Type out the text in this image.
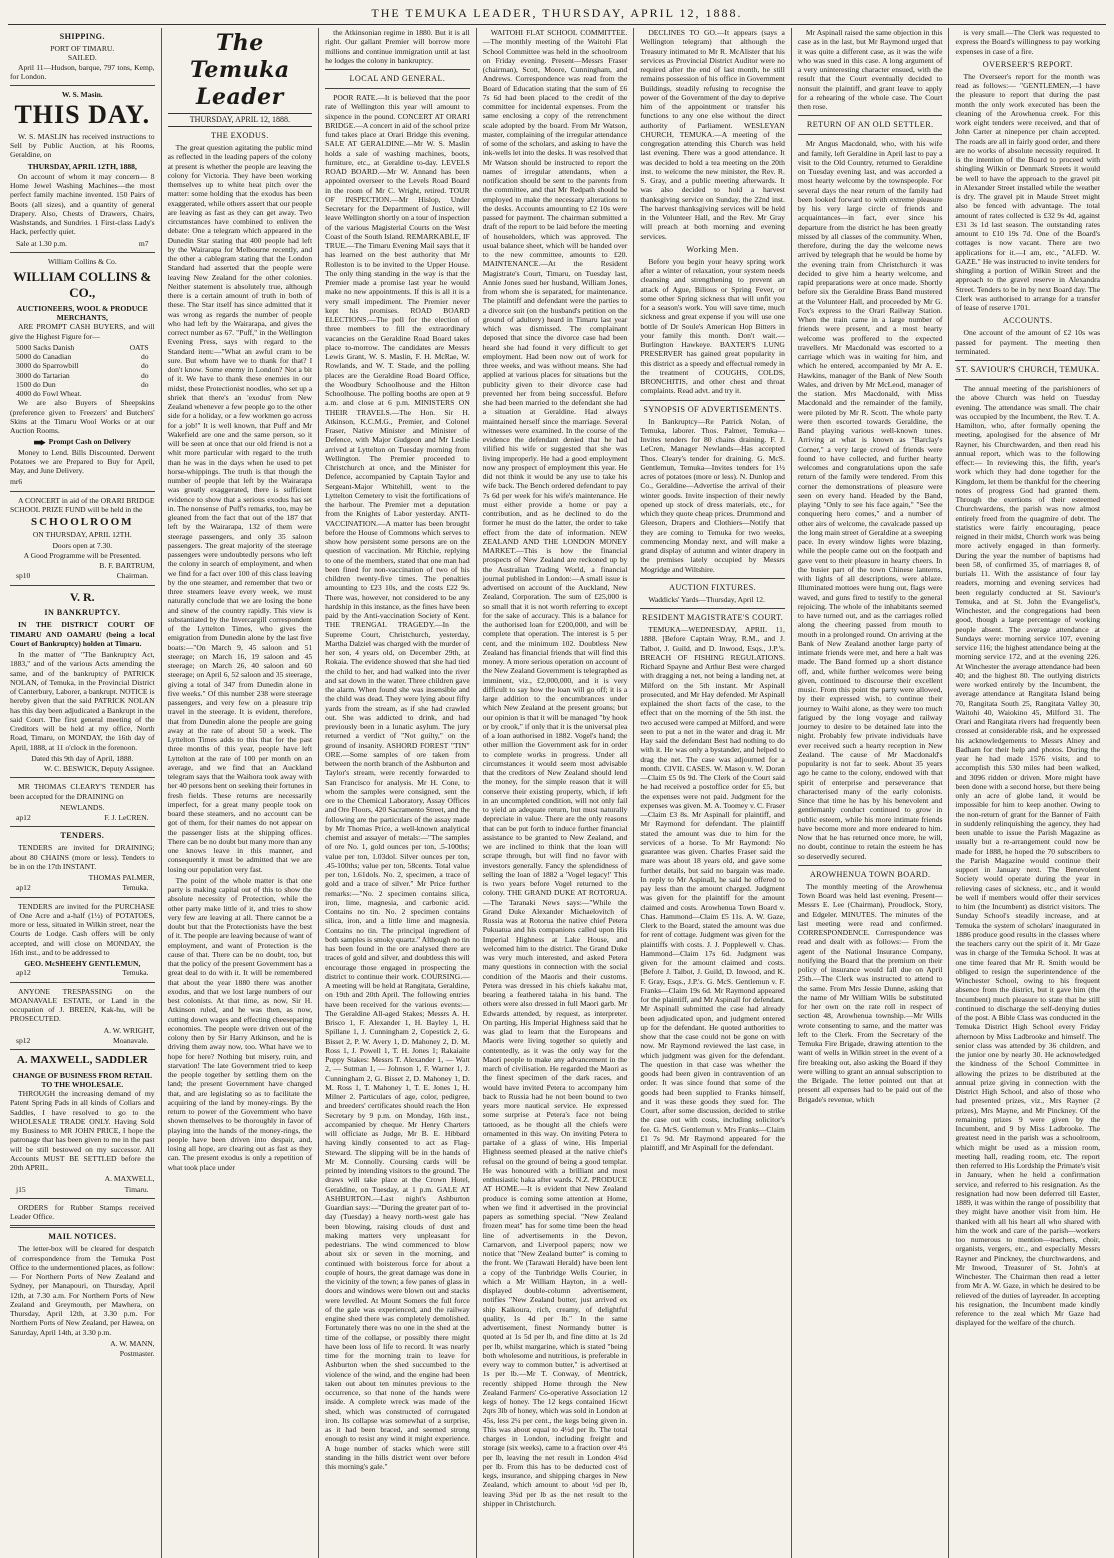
THE TEMUKA LEADER, THURSDAY, APRIL 12, 1888.
SHIPPING.
PORT OF TIMARU.
SAILED.

April 11—Hudson, barque, 797 tons, Kemp, for London.

W. S. Masin.
THIS DAY.

W. S. MASLIN has received instructions to Sell by Public Auction, at his Rooms, Geraldine, on

THURSDAY, APRIL 12TH, 1888,

On account of whom it may concern— 8 Home Jewel Washing Machines—the most perfect family machine invented. 150 Pairs of Boots (all sizes), and a quantity of general Drapery. Also, Chests of Drawers, Chairs, Washstands, and Sundries. 1 First-class Lady's Hack, perfectly quiet.

Sale at 1.30 p.m.	m7
William Collins & Co.
WILLIAM COLLINS & CO.,
AUCTIONEERS, WOOL & PRODUCE MERCHANTS,

ARE PROMPT CASH BUYERS, and will give the Highest Figure for—

5000 Sacks Danish	OATS
5000 do Canadian	do
3000 do Sparrowbill	do
3000 do Tartarian	do
1500 do Dun	do
4000 do Fowl Wheat.

We are also Buyers of Sheepskins (preference given to Freezers' and Butchers' Skins at the Timaru Wool Works or at our Auction Rooms.

Prompt Cash on Delivery

Money to Lend. Bills Discounted. Derwent Potatoes we are Prepared to Buy for April, May, and June Delivery.

mr6

A CONCERT in aid of the ORARI BRIDGE SCHOOL PRIZE FUND will be held in the

SCHOOLROOM
ON THURSDAY, APRIL 12TH.
Doors open at 7.30.
A Good Programme will be Presented.
B. F. BARTRUM,
sp10	Chairman.
V. R.
IN BANKRUPTCY.

IN THE DISTRICT COURT OF TIMARU AND OAMARU (being a local Court of Bankruptcy) holden at Timaru.

In the matter of "The Bankruptcy Act, 1883," and of the various Acts amending the same, and of the bankruptcy of PATRICK NOLAN, of Temuka, in the Provincial District of Canterbury, Laborer, a bankrupt. NOTICE is hereby given that the said PATRICK NOLAN has this day been adjudicated a Bankrupt in the said Court. The first general meeting of the Creditors will be held at my office, North Road, Timaru, on MONDAY, the 16th day of April, 1888, at 11 o'clock in the forenoon.

Dated this 9th day of April, 1888.
W. C. BESWICK, Deputy Assignee.

MR THOMAS CLEARY'S TENDER has been accepted for the DRAINING on

NEWLANDS.
ap12	F. J. LeCREN.
TENDERS.

TENDERS are invited for DRAINING; about 80 CHAINS (more or less). Tenders to be in on the 17th INSTANT.

THOMAS PALMER,
ap12	Temuka.

TENDERS are invited for the PURCHASE of One Acre and a-half (1½) of POTATOES, more or less, situated in Wilkin street, near the Courts de Lodge. Cash offers will be only accepted, and will close on MONDAY, the 16th inst., and to be addressed to

GEO. McSHEEHY GENTLEMUN,
ap12	Temuka.

ANYONE TRESPASSING on the MOANAVALE ESTATE, or Land in the occupation of J. BREEN, Kak-hu, will be PROSECUTED.

A. W. WRIGHT,
sp12	Moanavale.
A. MAXWELL, SADDLER
CHANGE OF BUSINESS FROM RETAIL TO THE WHOLESALE.

THROUGH the increasing demand of my Patent Spring Pads in all kinds of Collars and Saddles, I have resolved to go to the WHOLESALE TRADE ONLY. Having Sold my Business to MR JOHN PRICE, I hope the patronage that has been given to me in the past will be still bestowed on my successor. All Accounts MUST BE SETTLED before the 20th APRIL.

A. MAXWELL,
j15	Timaru.

ORDERS for Rubber Stamps received Leader Office.

MAIL NOTICES.

The letter-box will be cleared for despatch of correspondence from the Temuka Post Office to the undermentioned places, as follow:— For Northern Ports of New Zealand and Sydney, per Manapouri, on Thursday, April 12th, at 7.30 a.m. For Northern Ports of New Zealand and Greymouth, per Mawhera, on Thursday, April 12th, at 3.30 p.m. For Northern Ports of New Zealand, per Hawea, on Saturday, April 14th, at 3.30 p.m.

A. W. MANN,
Postmaster.
The Temuka Leader
THURSDAY, APRIL 12, 1888.
THE EXODUS.

The great question agitating the public mind as reflected in the leading papers of the colony at present is whether the people are leaving the colony for Victoria. They have been working themselves up to white heat pitch over the matter: some holding that the exodus has been exaggerated, while others assert that our people are leaving as fast as they can get away. Two circumstances have combined to enliven the debate: One a telegram which appeared in the Dunedin Star stating that 400 people had left by the Wairarapa for Melbourne recently, and the other a cablegram stating that the London Standard had asserted that the people were leaving New Zealand for the other colonies. Neither statement is absolutely true, although there is a certain amount of truth in both of these. The Star itself has since admitted that it was wrong as regards the number of people who had left by the Wairarapa, and gives the correct number as 67. "Puff," in the Wellington Evening Press, says with regard to the Standard item:—"What an awful cram to be sure. But whom have we to thank for that? I don't know. Some enemy in London? Not a bit of it. We have to thank these enemies in our midst, these Protectionist noodles, who set up a shriek that there's an 'exodus' from New Zealand whenever a few people go to the other side for a holiday, or a few workmen go across for a job!" It is well known, that Puff and Mr Wakefield are one and the same person, so it will be seen at once that our old friend is not a whit more particular with regard to the truth than he was in the days when he used to pet horse-whippings. The truth is that though the number of people that left by the Wairarapa was greatly exaggerated, there is sufficient evidence to show that a serious exodus has set in. The nonsense of Puff's remarks, too, may be gleaned from the fact that out of the 187 that left by the Wairarapa, 132 of them were steerage passengers, and only 35 saloon passengers. The great majority of the steerage passengers were undoubtedly persons who left the colony in search of employment, and when we find for a fact over 100 of this class leaving by the one steamer, and remember that two or three steamers leave every week, we must naturally conclude that we are losing the bone and sinew of the country rapidly. This view is substantiated by the Invercargill correspondent of the Lyttelton Times, who gives the emigration from Dunedin alone by the last five boats:—"On March 9, 45 saloon and 51 steerage; on March 16, 19 saloon and 45 steerage; on March 26, 40 saloon and 60 steerage; on April 6, 52 saloon and 35 steerage, giving a total of 347 from Dunedin alone in five weeks." Of this number 238 were steerage passengers, and very few on a pleasure trip travel in the steerage. It is evident, therefore, that from Dunedin alone the people are going away at the rate of about 50 a week. The Lyttelton Times adds to this that for the past three months of this year, people have left Lyttelton at the rate of 100 per month on an average, and we find that an Auckland telegram says that the Waihora took away with her 40 persons bent on seeking their fortunes in fresh fields. These returns are necessarily imperfect, for a great many people took on board these steamers, and no account can be got of them, for their names do not appear on the passenger lists at the shipping offices. There can be no doubt but many more than any one knows leave in this manner, and consequently it must be admitted that we are losing our population very fast.

The point of the whole matter is that one party is making capital out of this to show the absolute necessity of Protection, while the other party make little of it, and tries to show very few are leaving at all. There cannot be a doubt but that the Protectionists have the best of it. The people are leaving because of want of employment, and want of Protection is the cause of that. There can be no doubt, too, but that the policy of the present Government has a great deal to do with it. It will be remembered that about the year 1880 there was another exodus, and that we lost large numbers of our best colonists. At that time, as now, Sir H. Atkinson ruled, and he was then, as now, cutting down wages and effecting cheeseparing economies. The people were driven out of the colony then by Sir Harry Atkinson, and he is driving them away now, too. What have we to hope for here? Nothing but misery, ruin, and starvation! The late Government tried to keep the people together by settling them on the land; the present Government have changed that, and are legislating so as to facilitate the acquiring of the land by money-rings. By the return to power of the Government who have shown themselves to be thoroughly in favor of playing into the hands of the money-rings, the people have been driven into despair, and, losing all hope, are clearing out as fast as they can. The present exodus is only a repetition of what took place under

the Atkinsonian regime in 1880. But it is all right. Our gallant Premier will borrow more millions and continue immigration until at last he lodges the colony in bankruptcy.

LOCAL AND GENERAL.

POOR RATE.—It is believed that the poor rate of Wellington this year will amount to sixpence in the pound. CONCERT AT ORARI BRIDGE.—A concert in aid of the school prize fund takes place at Orari Bridge this evening. SALE AT GERALDINE.—Mr W. S. Maslin holds a sale of washing machines, boots, furniture, etc., at Geraldine to-day. LEVELS ROAD BOARD.—Mr W. Annand has been appointed overseer to the Levels Road Board in the room of Mr C. Wright, retired. TOUR OF INSPECTION.—Mr Hislop, Under Secretary for the Department of Justice, will leave Wellington shortly on a tour of inspection of the various Magisterial Courts on the West Coast of the South Island. REMARKABLE, IF TRUE.—The Timaru Evening Mail says that it has learned on the best authority that Mr Rolleston is to be invited to the Upper House. The only thing standing in the way is that the Premier made a promise last year he would make no new appointments. If this is all it is a very small impediment. The Premier never kept his promises. ROAD BOARD ELECTIONS.—The poll for the election of three members to fill the extraordinary vacancies on the Geraldine Road Board takes place to-morrow. The candidates are Messrs Lewis Grant, W. S. Maslin, F. H. McRae, W. Rowlands, and W. T. Stade, and the polling places are the Geraldine Road Board Office, the Woodbury Schoolhouse and the Hilton Schoolhouse. The polling booths are open at 9 a.m. and close at 6 p.m. MINISTERS ON THEIR TRAVELS.—The Hon. Sir H. Atkinson, K.C.M.G., Premier, and Colonel Fraser, Native Minister and Minister of Defence, with Major Gudgeon and Mr Leslie arrived at Lyttelton on Tuesday morning from Wellington. The Premier proceeded to Christchurch at once, and the Minister for Defence, accompanied by Captain Taylor and Sergeant-Major Whitehill, went to the Lyttelton Cemetery to visit the fortifications of the harbour. The Premier met a deputation from the Knights of Labor yesterday. ANTI-VACCINATION.—A matter has been brought before the House of Commons which serves to show how persistent some persons are on the question of vaccination. Mr Ritchie, replying to one of the members, stated that one man had been fined for non-vaccination of two of his children twenty-five times. The penalties amounting to £23 10s, and the costs £22 9s. There was, however, not considered to be any hardship in this instance, as the fines have been paid by the Anti-vaccination Society of Kent. THE TRENGAL TRAGEDY.—In the Supreme Court, Christchurch, yesterday, Martha Dalziel was charged with the murder of her son, 4 years old, on December 29th, at Rokaia. The evidence showed that she had tied the child to her, and had walked into the river and sat down in the water. Three children gave the alarm. When found she was insensible and the child was dead. They were lying about fifty yards from the stream, as if she had crawled out. She was addicted to drink, and had previously been in a lunatic asylum. The jury returned a verdict of "Not guilty," on the ground of insanity. ASHORD FOREST "TIN" ORE.—Some samples of ore taken from between the north branch of the Ashburton and Taylor's stream, were recently forwarded to San Francisco for analysis. Mr H. Cone, to whom the samples were consigned, sent the ore to the Chemical Laboratory, Assay Offices and Ore Floors, 420 Sacramento Street, and the following are the particulars of the assay made by Mr Thomas Price, a well-known analytical chemist and assayer of metals:—"The samples of ore No. 1, gold ounces per ton, .5-100ths; value per ton, 1.03dol. Silver ounces per ton, .45-100ths; value per ton, 58cents. Total value per ton, 1.61dols. No. 2, specimen, a trace of gold and a trace of silver." Mr Price further remarks:—"No. 2 specimen contains silica, iron, lime, magnesia, and carbonic acid. Contains no tin. No. 2 specimen contains silica, iron, and a little lime and magnesia. Contains no tin. The principal ingredient of both samples is smoky quartz." Although no tin has been found in the ore analysed there are traces of gold and silver, and doubtless this will encourage those engaged in prospecting the district to continue their work. COURSING.—A meeting will be held at Rangitata, Geraldine, on 19th and 20th April. The following entries have been received for the various events:—The Geraldine All-aged Stakes; Messrs A. H. Brisco 1, F. Alexander 1, H. Bayley 1, H. Spillane 1, J. Cunningham 2, Copestick 2, G. Bisset 2, P. W. Avery 1, D. Mahoney 2, D. M. Ross 1, J. Powell 1, T. H. Jones 1; Rakaiaite Puppy Stakes: Messrs T. Alexander 1, — Watt 2, — Sutman 1, — Johnson 1, F. Warner 1, J. Cunningham 2, G. Bisset 2, D. Mahoney 1, D. M. Ross 1, T. Mahoney 1, T. E. Jones 1, H. Milner 2. Particulars of age, color, pedigree, and breeders' certificates should reach the Hon Secretary by 9 p.m. on Monday, 16th inst., accompanied by cheque. Mr Henry Charters will officiate as Judge, Mr B. E. Hibbard having kindly consented to act as Flag-Steward. The slipping will be in the hands of Mr M. Connolly. Coursing cards will be printed by intending visitors to the ground. The draws will take place at the Crown Hotel, Geraldine, on Tuesday, at 1 p.m. GALE AT ASHBURTON.—Last night's Ashburton Guardian says:—"During the greater part of to-day (Tuesday) a heavy north-west gale has been blowing, raising clouds of dust and making matters very unpleasant for pedestrians. The wind commenced to blow about six or seven in the morning, and continued with boisterous force for about a couple of hours, the great damage was done in the vicinity of the town; a few panes of glass in doors and windows were blown out and stacks were levelled. At Mount Somers the full force of the gale was experienced, and the railway engine shed there was completely demolished. Fortunately there was no one in the shed at the time of the collapse, or possibly there might have been loss of life to record. It was nearly time for the morning train to leave for Ashburton when the shed succumbed to the violence of the wind, and the engine had been taken out about ten minutes previous to the occurrence, so that none of the hands were inside. A complete wreck was made of the shed, which was constructed of corrugated iron. Its collapse was somewhat of a surprise, as it had been braced, and seemed strong enough to resist any wind it might experience. A huge number of stacks which were still standing in the hills district went over before this morning's gale."

WAITOHI FLAT SCHOOL COMMITTEE.—The monthly meeting of the Waitohi Flat School Committee was held in the schoolroom on Friday evening. Present—Messrs Fraser (chairman), Scott, Moore, Cunningham, and Andrews. Correspondence was read from the Board of Education stating that the sum of £6 7s 6d had been placed to the credit of the committee for incidental expenses. From the same enclosing a copy of the retrenchment scale adopted by the board. From Mr Watson, master, complaining of the irregular attendance of some of the scholars, and asking to have the ink-wells let into the desks. It was resolved that Mr Watson should be instructed to report the names of irregular attendants, when a notification should be sent to the parents from the committee, and that Mr Redpath should be employed to make the necessary alterations to the desks. Accounts amounting to £2 10s were passed for payment. The chairman submitted a draft of the report to be laid before the meeting of householders, which was approved. The usual balance sheet, which will be handed over to the new committee, amounts to £20. MAINTENANCE.—At the Resident Magistrate's Court, Timaru, on Tuesday last, Annie Jones sued her husband, William Jones, from whom she is separated, for maintenance. The plaintiff and defendant were the parties to a divorce suit (on the husband's petition on the ground of adultery) heard in Timaru last year which was dismissed. The complainant deposed that since the divorce case had been heard she had found it very difficult to get employment. Had been now out of work for three weeks, and was without means. She had applied at various places for situations but the publicity given to their divorce case had prevented her from being successful. Before she had been married to the defendant she had a situation at Geraldine. Had always maintained herself since the marriage. Several witnesses were examined. In the course of the evidence the defendant denied that he had vilified his wife or suggested that she was living improperly. He had a good employment now any prospect of employment this year. He did not think it would be any use to take his wife back. The Bench ordered defendant to pay 7s 6d per week for his wife's maintenance. He must either provide a home or pay a contribution, and as he declined to do the former he must do the latter, the order to take effect from the date of information. NEW ZEALAND AND THE LONDON MONEY MARKET.—This is how the financial prospects of New Zealand are reckoned up by the Australian Trading World, a financial journal published in London:—A small issue is advertised on account of the Auckland, New Zealand, Corporation. The sum of £25,000 is so small that it is not worth referring to except for the sake of accuracy. This is a balance for the authorised loan for £200,000, and will be complete that operation. The interest is 5 per cent, and the minimum 102. Doubtless New Zealand has financial friends that will find this money. A more serious operation on account of the New Zealand Government is telegraphed as imminent, viz., £2,000,000, and it is very difficult to say how the loan will go off; it is a large addition to the encumbrances under which New Zealand at the present groans; but our opinion is that it will be managed "by hook or by crook," if only that it is the universal plea of a loan authorised in 1882. Vogel's hand; the other million the Government ask for in order to complete works in progress. Under all circumstances it would seem most advisable that the creditors of New Zealand should lend the money, for the simple reason that it will conserve their existing property, which, if left in an uncompleted condition, will not only fail to yield an adequate return, but must naturally depreciate in value. There are the only reasons that can be put forth to induce further financial assistance to be granted to New Zealand, and we are inclined to think that the loan will scrape through, but will find no favor with investors generally. Fancy the splendidness of selling the loan of 1882 a 'Vogel legacy!' This is two years before Vogel returned to the colony. THE GRAND DUKE AT ROTORUA.—The Taranaki News says:—"While the Grand Duke Alexander Michaelovitch of Russia was at Rotorua the native chief Petera Pukuatua and his companions called upon His Imperial Highness at Lake House, and welcomed him to the district. The Grand Duke was very much interested, and asked Petera many questions in connection with the social condition of the Maoris and their customs. Petera was dressed in his chiefs kakahu mat, bearing a feathered taiaha in his hand. The others were also dressed in full Maori garb. Mr Edwards attended, by request, as interpreter. On parting, His Imperial Highness said that he was glad to learn that the Europeans and Maoris were living together so quietly and contentedly, as it was the only way for the Maori people to make any advancement in the march of civilisation. He regarded the Maori as the finest specimen of the dark races, and would have invited Petera to accompany him back to Russia had he not been bound to two years more nautical service. He expressed some surprise at Petera's face not being tattooed, as he thought all the chiefs were ornamented in this way. On inviting Petera to partake of a glass of wine, His Imperial Highness seemed pleased at the native chief's refusal on the ground of being a good templar. He was honoured with a brilliant and most enthusiastic haka after wards. N.Z. PRODUCE AT HOME.—It is evident that New Zealand produce is coming some attention at Home, when we find it advertised in the provincial papers as something special. "New Zealand frozen meat" has for some time been the head line of advertisements in the Devon, Carnarvon, and Liverpool papers; now we notice that "New Zealand butter" is coming to the front. We (Tarawati Herald) have been lent a copy of the Tunbridge Wells Courier, in which a Mr William Hayton, in a well-displayed double-column advertisement, notifies "New Zealand butter, just arrived ex ship Kaikoura, rich, creamy, of delightful quality, 1s 4d per lb." In the same advertisement, finest Normandy butter is quoted at 1s 5d per lb, and fine ditto at 1s 2d per lb, whilst margarine, which is stated "being both wholesome and nutritious, is preferable in every way to common butter," is advertised at 1s per lb.—Mr T. Conway, of Mentrick, recently shipped Home through the New Zealand Farmers' Co-operative Association 12 kegs of honey. The 12 kegs contained 16cwt 2qrs 3lb of honey, which was sold in London at 45s, less 2¼ per cent., the kegs being given in. This was about equal to 4½d per lb. The total charges in London, including freight and storage (six weeks), came to a fraction over 4½ per lb, leaving the net result in London 4¼d per lb. From this has to be deducted cost of kegs, insurance, and shipping charges in New Zealand, which amount to about ½d per lb, leaving 3¾d per lb as the net result to the shipper in Christchurch.

DECLINES TO GO.—It appears (says a Wellington telegram) that although the Treasury intimated to Mr R. McAlister that his services as Provincial District Auditor were no required after the end of last month, he still remains possession of his office in Government Buildings, steadily refusing to recognise the power of the Government of the day to deprive him of the appointment or transfer his functions to any one else without the direct authority of Parliament. WESLEYAN CHURCH, TEMUKA.—A meeting of the congregation attending this Church was held last evening. There was a good attendance. It was decided to hold a tea meeting on the 20th inst. to welcome the new minister, the Rev. R. S. Gray, and a public meeting afterwards. It was also decided to hold a harvest thanksgiving service on Sunday, the 22nd inst. The harvest thanksgiving services will be held in the Volunteer Hall, and the Rev. Mr Gray will preach at both morning and evening services.

Working Men.

Before you begin your heavy spring work after a winter of relaxation, your system needs cleansing and strengthening to prevent an attack of Ague, Bilious or Spring Fever, or some other Spring sickness that will unfit you for a season's work. You will save time, much sickness and great expense if you will use one bottle of Dr Soule's American Hop Bitters in your family this month. Don't wait.—Burlington Hawkeye. BAXTER'S LUNG PRESERVER has gained great popularity in this district as a speedy and effectual remedy in the treatment of COUGHS, COLDS, BRONCHITIS, and other chest and throat complaints. Read advt. and try it.

SYNOPSIS OF ADVERTISEMENTS.

In Bankruptcy—Re Patrick Nolan, of Temuka, laborer. Thos. Palmer, Temuka—Invites tenders for 80 chains draining. F. J. LeCren, Manager Newlands—Has accepted Thos. Cleary's tender for draining. G. McS. Gentlemun, Temuka—Invites tenders for 1½ acres of potatoes (more or less). N. Dunlop and Co., Geraldine—Advertise the arrival of their winter goods. Invite inspection of their newly opened up stock of dress materials, etc., for which they quote cheap prices. Drummond and Gleeson, Drapers and Clothiers—Notify that they are coming to Temuka for two weeks, commencing Monday next, and will make a grand display of autumn and winter drapery in the premises lately occupied by Messrs Mogridge and Wiltshire.

AUCTION FIXTURES.

Waddicks' Yards—Thursday, April 12.

RESIDENT MAGISTRATE'S COURT.

TEMUKA—WEDNESDAY, APRIL 11, 1888. [Before Captain Wray, R.M., and J. Talbot, J. Guild, and D. Inwood, Esqs., J.P.'s. BREACH OF FISHING REGULATIONS. Richard Spayne and Arthur Best were charged with dragging a net, not being a landing net, at Milford on the 5th instant. Mr Aspinall prosecuted, and Mr Hay defended. Mr Aspinall explained the short facts of the case, to the effect that on the morning of the 5th inst. the two accused were camped at Milford, and were seen to put a net in the water and drag it. Mr Hay said the defendant Best had nothing to do with it. He was only a bystander, and helped to drag the net. The case was adjourned for a month. CIVIL CASES. W. Mason v. W. Doran—Claim £5 0s 9d. The Clerk of the Court said he had received a postoffice order for £5, but the expenses were not paid. Judgment for the expenses was given. M. A. Toomey v. C. Fraser—Claim £3 8s. Mr Aspinall for plaintiff, and Mr Raymond for defendant. The plaintiff stated the amount was due to him for the services of a horse. To Mr Raymond: No guarantee was given. Charles Fraser said the mare was about 18 years old, and gave some further details, but said no bargain was made. In reply to Mr Aspinall, he said he offered to pay less than the amount charged. Judgment was given for the plaintiff for the amount claimed and costs. Arowhenua Town Board v. Chas. Hammond—Claim £5 11s. A. W. Gaze, Clerk to the Board, stated the amount was due for rent of cottage. Judgment was given for the plaintiffs with costs. J. J. Popplewell v. Chas. Hammond—Claim 17s 6d. Judgment was given for the amount claimed and costs. [Before J. Talbot, J. Guild, D. Inwood, and K. F. Gray, Esqs., J.P.'s. G. McS. Gentlemun v. F. Franks—Claim 19s 6d. Mr Raymond appeared for the plaintiff, and Mr Aspinall for defendant. Mr Aspinall submitted the case had already been adjudicated upon, and judgment entered up for the defendant. He quoted authorities to show that the case could not be gone on with now. Mr Raymond reviewed the last case, in which judgment was given for the defendant. The question in that case was whether the goods had been given in contravention of an order. It was since found that some of the goods had been supplied to Franks himself, and it was these goods they sued for. The Court, after some discussion, decided to strike the case out with costs, including solicitor's fee. G. McS. Gentlemun v. Mrs Franks—Claim £1 7s 9d. Mr Raymond appeared for the plaintiff, and Mr Aspinall for the defendant.

Mr Aspinall raised the same objection in this case as in the last, but Mr Raymond urged that it was quite a different case, as it was the wife who was sued in this case. A long argument of a very uninteresting character ensued, with the result that the Court eventually decided to nonsuit the plaintiff, and grant leave to apply for a rehearing of the whole case. The Court then rose.

RETURN OF AN OLD SETTLER.

Mr Angus Macdonald, who, with his wife and family, left Geraldine in April last to pay a visit to the Old Country, returned to Geraldine on Tuesday evening last, and was accorded a most hearty welcome by the townspeople. For several days the near return of the family had been looked forward to with extreme pleasure by his very large circle of friends and acquaintances—in fact, ever since his departure from the district he has been greatly missed by all classes of the community. When, therefore, during the day the welcome news arrived by telegraph that he would be home by the evening train from Christchurch it was decided to give him a hearty welcome, and rapid preparations were at once made. Shortly before six the Geraldine Brass Band mustered at the Volunteer Hall, and proceeded by Mr G. Fox's express to the Orari Railway Station. When the train came in a large number of friends were present, and a most hearty welcome was proffered to the expected travellers. Mr Macdonald was escorted to a carriage which was in waiting for him, and which he entered, accompanied by Mr A. E. Hawkins, manager of the Bank of New South Wales, and driven by Mr McLeod, manager of the station. Mrs Macdonald, with Miss Macdonald and the remainder of the family, were piloted by Mr R. Scott. The whole party were then escorted towards Geraldine, the Band playing various well-known tunes. Arriving at what is known as "Barclay's Corner," a very large crowd of friends were found to have collected, and further hearty welcomes and congratulations upon the safe return of the family were tendered. From this corner the demonstrations of pleasure were seen on every hand. Headed by the Band, playing "Only to see his face again," "See the conquering hero comes," and a number of other airs of welcome, the cavalcade passed up the long main street of Geraldine at a sweeping pace. In every window lights were blazing, while the people came out on the footpath and gave vent to their pleasure in hearty cheers. In the busier part of the town Chinese lanterns, with lights of all descriptions, were ablaze. Illuminated mottoes were hung out, flags were waved, and guns fired to testify to the general rejoicing. The whole of the inhabitants seemed to have turned out, and as the carriages rolled along the cheering passed from mouth to mouth in a prolonged round. On arriving at the Bank of New Zealand another large party of intimate friends were met, and here a halt was made. The Band formed up a short distance off, and, while further welcomes were being given, continued to discourse their excellent music. From this point the party were allowed, by their expressed wish, to continue their journey to Waihi alone, as they were too much fatigued by the long voyage and railway journey to desire to be detained late into the night. Probably few private individuals have ever received such a hearty reception in New Zealand. The cause of Mr Macdonald's popularity is not far to seek. About 35 years ago he came to the colony, endowed with that spirit of enterprise and perseverance that characterised many of the early colonists. Since that time he has by his benevolent and gentlemanly conduct continued to grow in public esteem, while his more intimate friends have become more and more endeared to him. Now that he has returned once more, he will, no doubt, continue to retain the esteem he has so deservedly secured.

AROWHENUA TOWN BOARD.

The monthly meeting of the Arowhenua Town Board was held last evening. Present—Messrs E. Lee (Chairman), Proudlock, Story, and Edgeler. MINUTES. The minutes of the last meeting were read and confirmed. CORRESPONDENCE. Correspondence was read and dealt with as follows:— From the agent of the National Insurance Company, notifying the Board that the premium on their policy of insurance would fall due on April 25th.—The Clerk was instructed to attend to the same. From Mrs Jessie Dunne, asking that the name of Mr William Wills be substituted for her own on the rate roll in respect of section 48, Arowhenua township.—Mr Wills wrote consenting to same, and the matter was left to the Clerk. From the Secretary of the Temuka Fire Brigade, drawing attention to the want of wells in Wilkin street in the event of a fire breaking out, also asking the Board if they were willing to grant an annual subscription to the Brigade. The letter pointed out that at present all expenses had to be paid out of the Brigade's revenue, which

is very small.—The Clerk was requested to express the Board's willingness to pay working expenses in case of a fire.

OVERSEER'S REPORT.

The Overseer's report for the month was read as follows:— "GENTLEMEN,—I have the pleasure to report that during the past month the only work executed has been the cleaning of the Arowhenua creek. For this work eight tenders were received, and that of John Carter at ninepence per chain accepted. The roads are all in fairly good order, and there are no works of absolute necessity required. It is the intention of the Board to proceed with shingling Wilkin or Denmark Streets it would be well to have the approach to the gravel pit in Alexander Street installed while the weather is dry. The gravel pit in Maude Street might also be fenced with advantage. The total amount of rates collected is £32 9s 4d, against £31 3s 1d last season. The outstanding rates amount to £10 19s 7d. One of the Board's cottages is now vacant. There are two applications for it.—I am, etc., "ALFD. W. GAZE." He was instructed to invite tenders for shingling a portion of Wilkin Street and the approach to the gravel reserve in Alexandra Street. Tenders to be in by next Board day. The Clerk was authorised to arrange for a transfer of lease of reserve 1701.

ACCOUNTS.

One account of the amount of £2 10s was passed for payment. The meeting then terminated.

ST. SAVIOUR'S CHURCH, TEMUKA.

The annual meeting of the parishioners of the above Church was held on Tuesday evening. The attendance was small. The chair was occupied by the Incumbent, the Rev. T. A. Hamilton, who, after formally opening the meeting, apologised for the absence of Mr Rayner, his Churchwarden, and then read his annual report, which was to the following effect:— In reviewing this, the fifth, year's work which they had done together for the Kingdom, let them be thankful for the cheering notes of progress God had granted them. Through the exertions of their esteemed Churchwardens, the parish was now almost entirely freed from the quagmire of debt. The statistics were fairly encouraging, peace reigned in their midst, Church work was being more actively engaged in than formerly. During the year the number of baptisms had been 58, of confirmed 35, of marriages 8, of burials 11. With the assistance of four lay readers, morning and evening services had been regularly conducted at St. Saviour's Temuka, and at St. John the Evangelist's, Winchester, and the congregations had been good, though a large percentage of working people absent. The average attendance at Sundays were: morning service 107, evening service 116; the highest attendance being at the morning service 172, and at the evening 226. At Winchester the average attendance had been 40; and the highest 80. The outlying districts were worked entirely by the Incumbent, the average attendance at Rangitata Island being 70, Rangitata South 25, Rangitata Valley 30, Waitohi 40, Waiokino 45, Milford 31. The Orari and Rangitata rivers had frequently been crossed at considerable risk, and he expressed his acknowledgements to Messrs Alney and Badham for their help and photos. During the year he had made 1576 visits, and to accomplish this 530 miles had been walked, and 3096 ridden or driven. More might have been done with a second horse, but there being only an acre of globe land, it would be impossible for him to keep another. Owing to the non-return of grant for the Banner of Faith in suddenly relinquishing the agency, they had been unable to issue the Parish Magazine as usually but a re-arrangement could now be made for 1888, he hoped the 70 subscribers to the Parish Magazine would continue their support in January next. The Benevolent Society would operate during the year in relieving cases of sickness, etc., and it would be well if members would offer their services to him (the Incumbent) as district visitors. The Sunday School's steadily increase, and at Temuka the system of scholars' inaugurated in 1886 produce good results in the classes where the teachers carry out the spirit of it. Mr Gaze was in charge of the Temuka School. It was at one time feared that Mr R. Smith would be obliged to resign the superintendence of the Winchester School, owing to his frequent absence from the district, but it gave him (the Incumbent) much pleasure to state that he still continued to discharge the self-denying duties of the post. A Bible Class was conducted in the Temuka District High School every Friday afternoon by Miss Ladbrooke and himself. The senior class was attended by 36 children, and the junior one by nearly 30. He acknowledged the kindness of the School Committee in allowing the prizes to be distributed at the annual prize giving in connection with the District High School, and also of those who had presented prizes, viz., Mrs Rayner (2 prizes), Mrs Mayne, and Mr Pinckney. Of the remaining prizes 9 were given by the Incumbent, and 9 by Miss Ladbrooke. The greatest need in the parish was a schoolroom, which might be used as a mission room, meeting hall, reading room, etc. The report then referred to His Lordship the Primate's visit in January, when he held a confirmation service, and referred to his resignation. As the resignation had now been deferred till Easter, 1889, it was within the range of possibility that they might have another visit from him. He thanked with all his heart all who shared with him the work and care of the parish—workers too numerous to mention—teachers, choir, organists, vergers, etc., and especially Messrs Rayner and Pinckney, the churchwardens, and Mr Inwood, Treasurer of St. John's at Winchester. The Chairman then read a letter from Mr A. W. Gaze, in which he desired to be relieved of the duties of layreader. In accepting his resignation, the Incumbent made kindly reference to the zeal which Mr Gaze had displayed for the welfare of the church.
